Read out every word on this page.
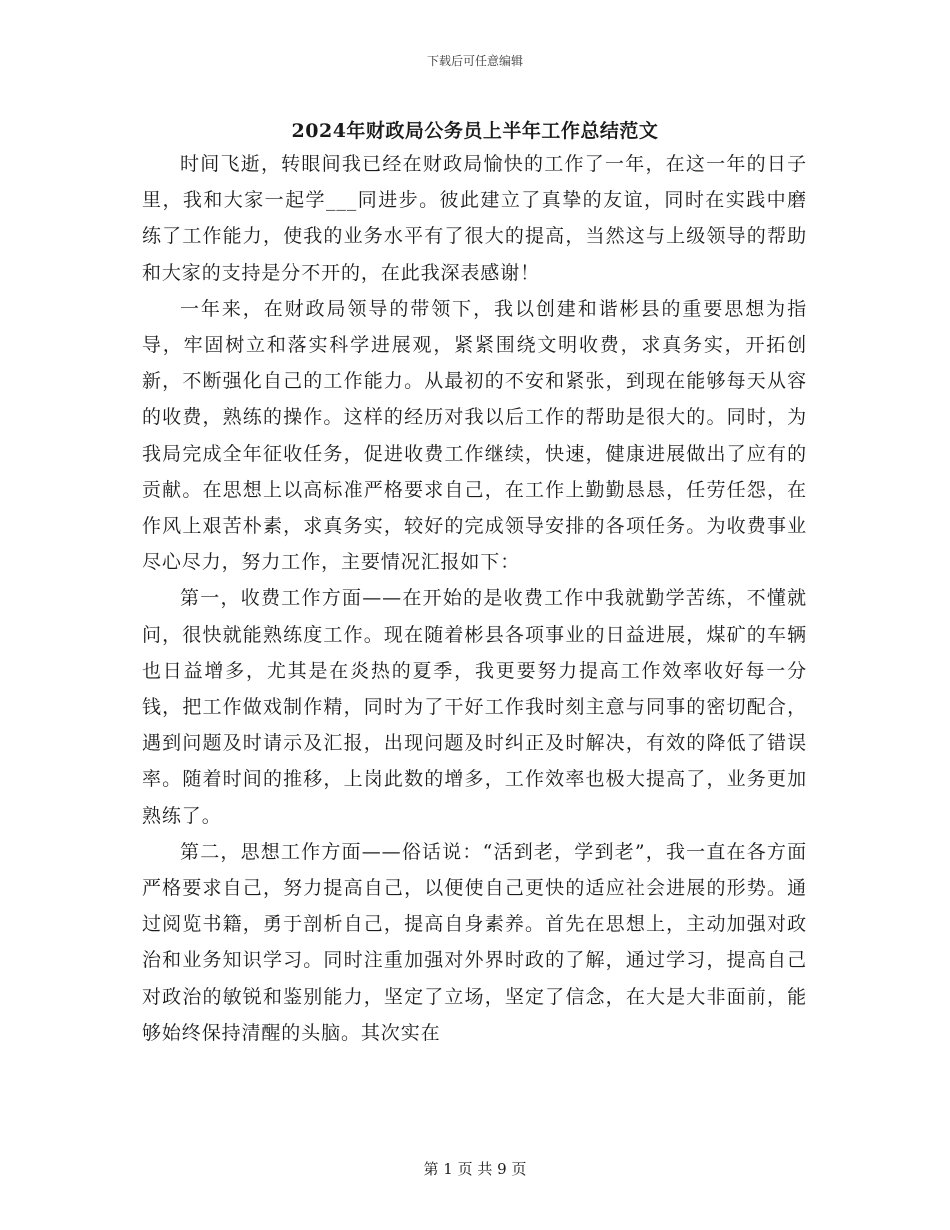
下载后可任意编辑
2024年财政局公务员上半年工作总结范文

时间飞逝，转眼间我已经在财政局愉快的工作了一年，在这一年的日子里，我和大家一起学___同进步。彼此建立了真挚的友谊，同时在实践中磨练了工作能力，使我的业务水平有了很大的提高，当然这与上级领导的帮助和大家的支持是分不开的，在此我深表感谢！

一年来，在财政局领导的带领下，我以创建和谐彬县的重要思想为指导，牢固树立和落实科学进展观，紧紧围绕文明收费，求真务实，开拓创新，不断强化自己的工作能力。从最初的不安和紧张，到现在能够每天从容的收费，熟练的操作。这样的经历对我以后工作的帮助是很大的。同时，为我局完成全年征收任务，促进收费工作继续，快速，健康进展做出了应有的贡献。在思想上以高标准严格要求自己，在工作上勤勤恳恳，任劳任怨，在作风上艰苦朴素，求真务实，较好的完成领导安排的各项任务。为收费事业尽心尽力，努力工作，主要情况汇报如下：

第一，收费工作方面——在开始的是收费工作中我就勤学苦练，不懂就问，很快就能熟练度工作。现在随着彬县各项事业的日益进展，煤矿的车辆也日益增多，尤其是在炎热的夏季，我更要努力提高工作效率收好每一分钱，把工作做戏制作精，同时为了干好工作我时刻主意与同事的密切配合，遇到问题及时请示及汇报，出现问题及时纠正及时解决，有效的降低了错误率。随着时间的推移，上岗此数的增多，工作效率也极大提高了，业务更加熟练了。

第二，思想工作方面——俗话说：“活到老，学到老”，我一直在各方面严格要求自己，努力提高自己，以便使自己更快的适应社会进展的形势。通过阅览书籍，勇于剖析自己，提高自身素养。首先在思想上，主动加强对政治和业务知识学习。同时注重加强对外界时政的了解，通过学习，提高自己对政治的敏锐和鉴别能力，坚定了立场，坚定了信念，在大是大非面前，能够始终保持清醒的头脑。其次实在

第 1 页 共 9 页
